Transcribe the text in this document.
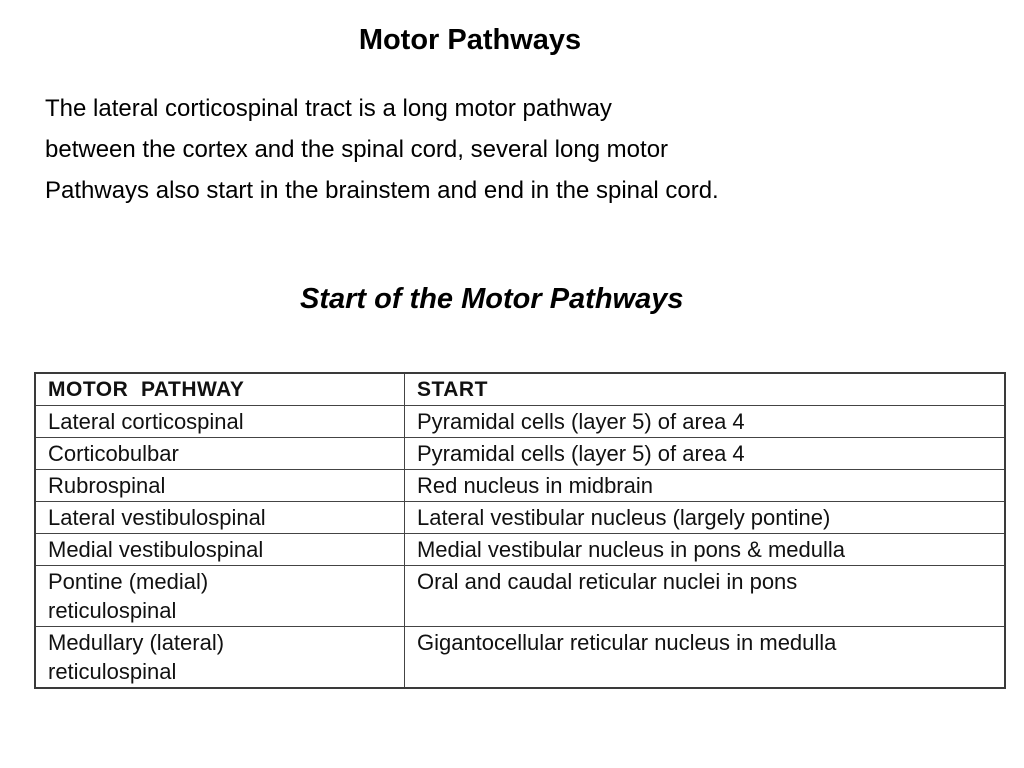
Motor Pathways

The lateral corticospinal tract is a long motor pathway
between the cortex and the spinal cord, several long motor
Pathways also start in the brainstem and end in the spinal cord.

Start of the Motor Pathways
MOTOR  PATHWAY	START

Lateral corticospinal	Pyramidal cells (layer 5) of area 4

Corticobulbar	Pyramidal cells (layer 5) of area 4

Rubrospinal	Red nucleus in midbrain

Lateral vestibulospinal	Lateral vestibular nucleus (largely pontine)

Medial vestibulospinal	Medial vestibular nucleus in pons & medulla

Pontine (medial)
reticulospinal	Oral and caudal reticular nuclei in pons

Medullary (lateral)
reticulospinal	Gigantocellular reticular nucleus in medulla
